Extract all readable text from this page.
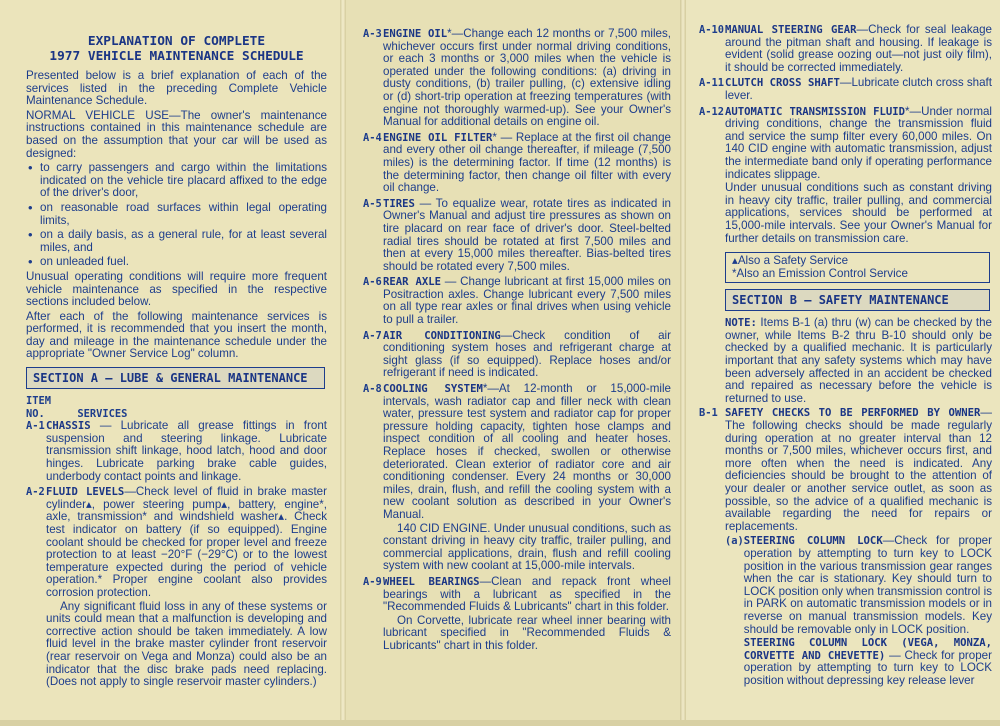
EXPLANATION OF COMPLETE
1977 VEHICLE MAINTENANCE SCHEDULE

Presented below is a brief explanation of each of the services listed in the preceding Complete Vehicle Maintenance Schedule.

NORMAL VEHICLE USE—The owner's maintenance instructions contained in this maintenance schedule are based on the assumption that your car will be used as designed:

• to carry passengers and cargo within the limitations indicated on the vehicle tire placard affixed to the edge of the driver's door,
• on reasonable road surfaces within legal operating limits,
• on a daily basis, as a general rule, for at least several miles, and
• on unleaded fuel.

Unusual operating conditions will require more frequent vehicle maintenance as specified in the respective sections included below.

After each of the following maintenance services is performed, it is recommended that you insert the month, day and mileage in the maintenance schedule under the appropriate "Owner Service Log" column.

SECTION A — LUBE & GENERAL MAINTENANCE
ITEM
NO.	SERVICES
A-1 CHASSIS — Lubricate all grease fittings in front suspension and steering linkage. Lubricate transmission shift linkage, hood latch, hood and door hinges. Lubricate parking brake cable guides, underbody contact points and linkage.

A-2 FLUID LEVELS—Check level of fluid in brake master cylinder▴, power steering pump▴, battery, engine*, axle, transmission* and windshield washer▴. Check test indicator on battery (if so equipped). Engine coolant should be checked for proper level and freeze protection to at least −20°F (−29°C) or to the lowest temperature expected during the period of vehicle operation.* Proper engine coolant also provides corrosion protection.

Any significant fluid loss in any of these systems or units could mean that a malfunction is developing and corrective action should be taken immediately. A low fluid level in the brake master cylinder front reservoir (rear reservoir on Vega and Monza) could also be an indicator that the disc brake pads need replacing. (Does not apply to single reservoir master cylinders.)

A-3 ENGINE OIL*—Change each 12 months or 7,500 miles, whichever occurs first under normal driving conditions, or each 3 months or 3,000 miles when the vehicle is operated under the following conditions: (a) driving in dusty conditions, (b) trailer pulling, (c) extensive idling or (d) short-trip operation at freezing temperatures (with engine not thoroughly warmed-up). See your Owner's Manual for additional details on engine oil.

A-4 ENGINE OIL FILTER* — Replace at the first oil change and every other oil change thereafter, if mileage (7,500 miles) is the determining factor. If time (12 months) is the determining factor, then change oil filter with every oil change.

A-5 TIRES — To equalize wear, rotate tires as indicated in Owner's Manual and adjust tire pressures as shown on tire placard on rear face of driver's door. Steel-belted radial tires should be rotated at first 7,500 miles and then at every 15,000 miles thereafter. Bias-belted tires should be rotated every 7,500 miles.

A-6 REAR AXLE — Change lubricant at first 15,000 miles on Positraction axles. Change lubricant every 7,500 miles on all type rear axles or final drives when using vehicle to pull a trailer.

A-7 AIR CONDITIONING—Check condition of air conditioning system hoses and refrigerant charge at sight glass (if so equipped). Replace hoses and/or refrigerant if need is indicated.

A-8 COOLING SYSTEM*—At 12-month or 15,000-mile intervals, wash radiator cap and filler neck with clean water, pressure test system and radiator cap for proper pressure holding capacity, tighten hose clamps and inspect condition of all cooling and heater hoses. Replace hoses if checked, swollen or otherwise deteriorated. Clean exterior of radiator core and air conditioning condenser. Every 24 months or 30,000 miles, drain, flush, and refill the cooling system with a new coolant solution as described in your Owner's Manual.

140 CID ENGINE. Under unusual conditions, such as constant driving in heavy city traffic, trailer pulling, and commercial applications, drain, flush and refill cooling system with new coolant at 15,000-mile intervals.

A-9 WHEEL BEARINGS—Clean and repack front wheel bearings with a lubricant as specified in the "Recommended Fluids & Lubricants" chart in this folder.

On Corvette, lubricate rear wheel inner bearing with lubricant specified in "Recommended Fluids & Lubricants" chart in this folder.

A-10 MANUAL STEERING GEAR—Check for seal leakage around the pitman shaft and housing. If leakage is evident (solid grease oozing out—not just oily film), it should be corrected immediately.

A-11 CLUTCH CROSS SHAFT—Lubricate clutch cross shaft lever.

A-12 AUTOMATIC TRANSMISSION FLUID*—Under normal driving conditions, change the transmission fluid and service the sump filter every 60,000 miles. On 140 CID engine with automatic transmission, adjust the intermediate band only if operating performance indicates slippage.

Under unusual conditions such as constant driving in heavy city traffic, trailer pulling, and commercial applications, services should be performed at 15,000-mile intervals. See your Owner's Manual for further details on transmission care.

▴Also a Safety Service

*Also an Emission Control Service

SECTION B — SAFETY MAINTENANCE

NOTE: Items B-1 (a) thru (w) can be checked by the owner, while Items B-2 thru B-10 should only be checked by a qualified mechanic. It is particularly important that any safety systems which may have been adversely affected in an accident be checked and repaired as necessary before the vehicle is returned to use.

B-1 SAFETY CHECKS TO BE PERFORMED BY OWNER—The following checks should be made regularly during operation at no greater interval than 12 months or 7,500 miles, whichever occurs first, and more often when the need is indicated. Any deficiencies should be brought to the attention of your dealer or another service outlet, as soon as possible, so the advice of a qualified mechanic is available regarding the need for repairs or replacements.

(a) STEERING COLUMN LOCK—Check for proper operation by attempting to turn key to LOCK position in the various transmission gear ranges when the car is stationary. Key should turn to LOCK position only when transmission control is in PARK on automatic transmission models or in reverse on manual transmission models. Key should be removable only in LOCK position.

STEERING COLUMN LOCK (VEGA, MONZA, CORVETTE AND CHEVETTE) — Check for proper operation by attempting to turn key to LOCK position without depressing key release lever
